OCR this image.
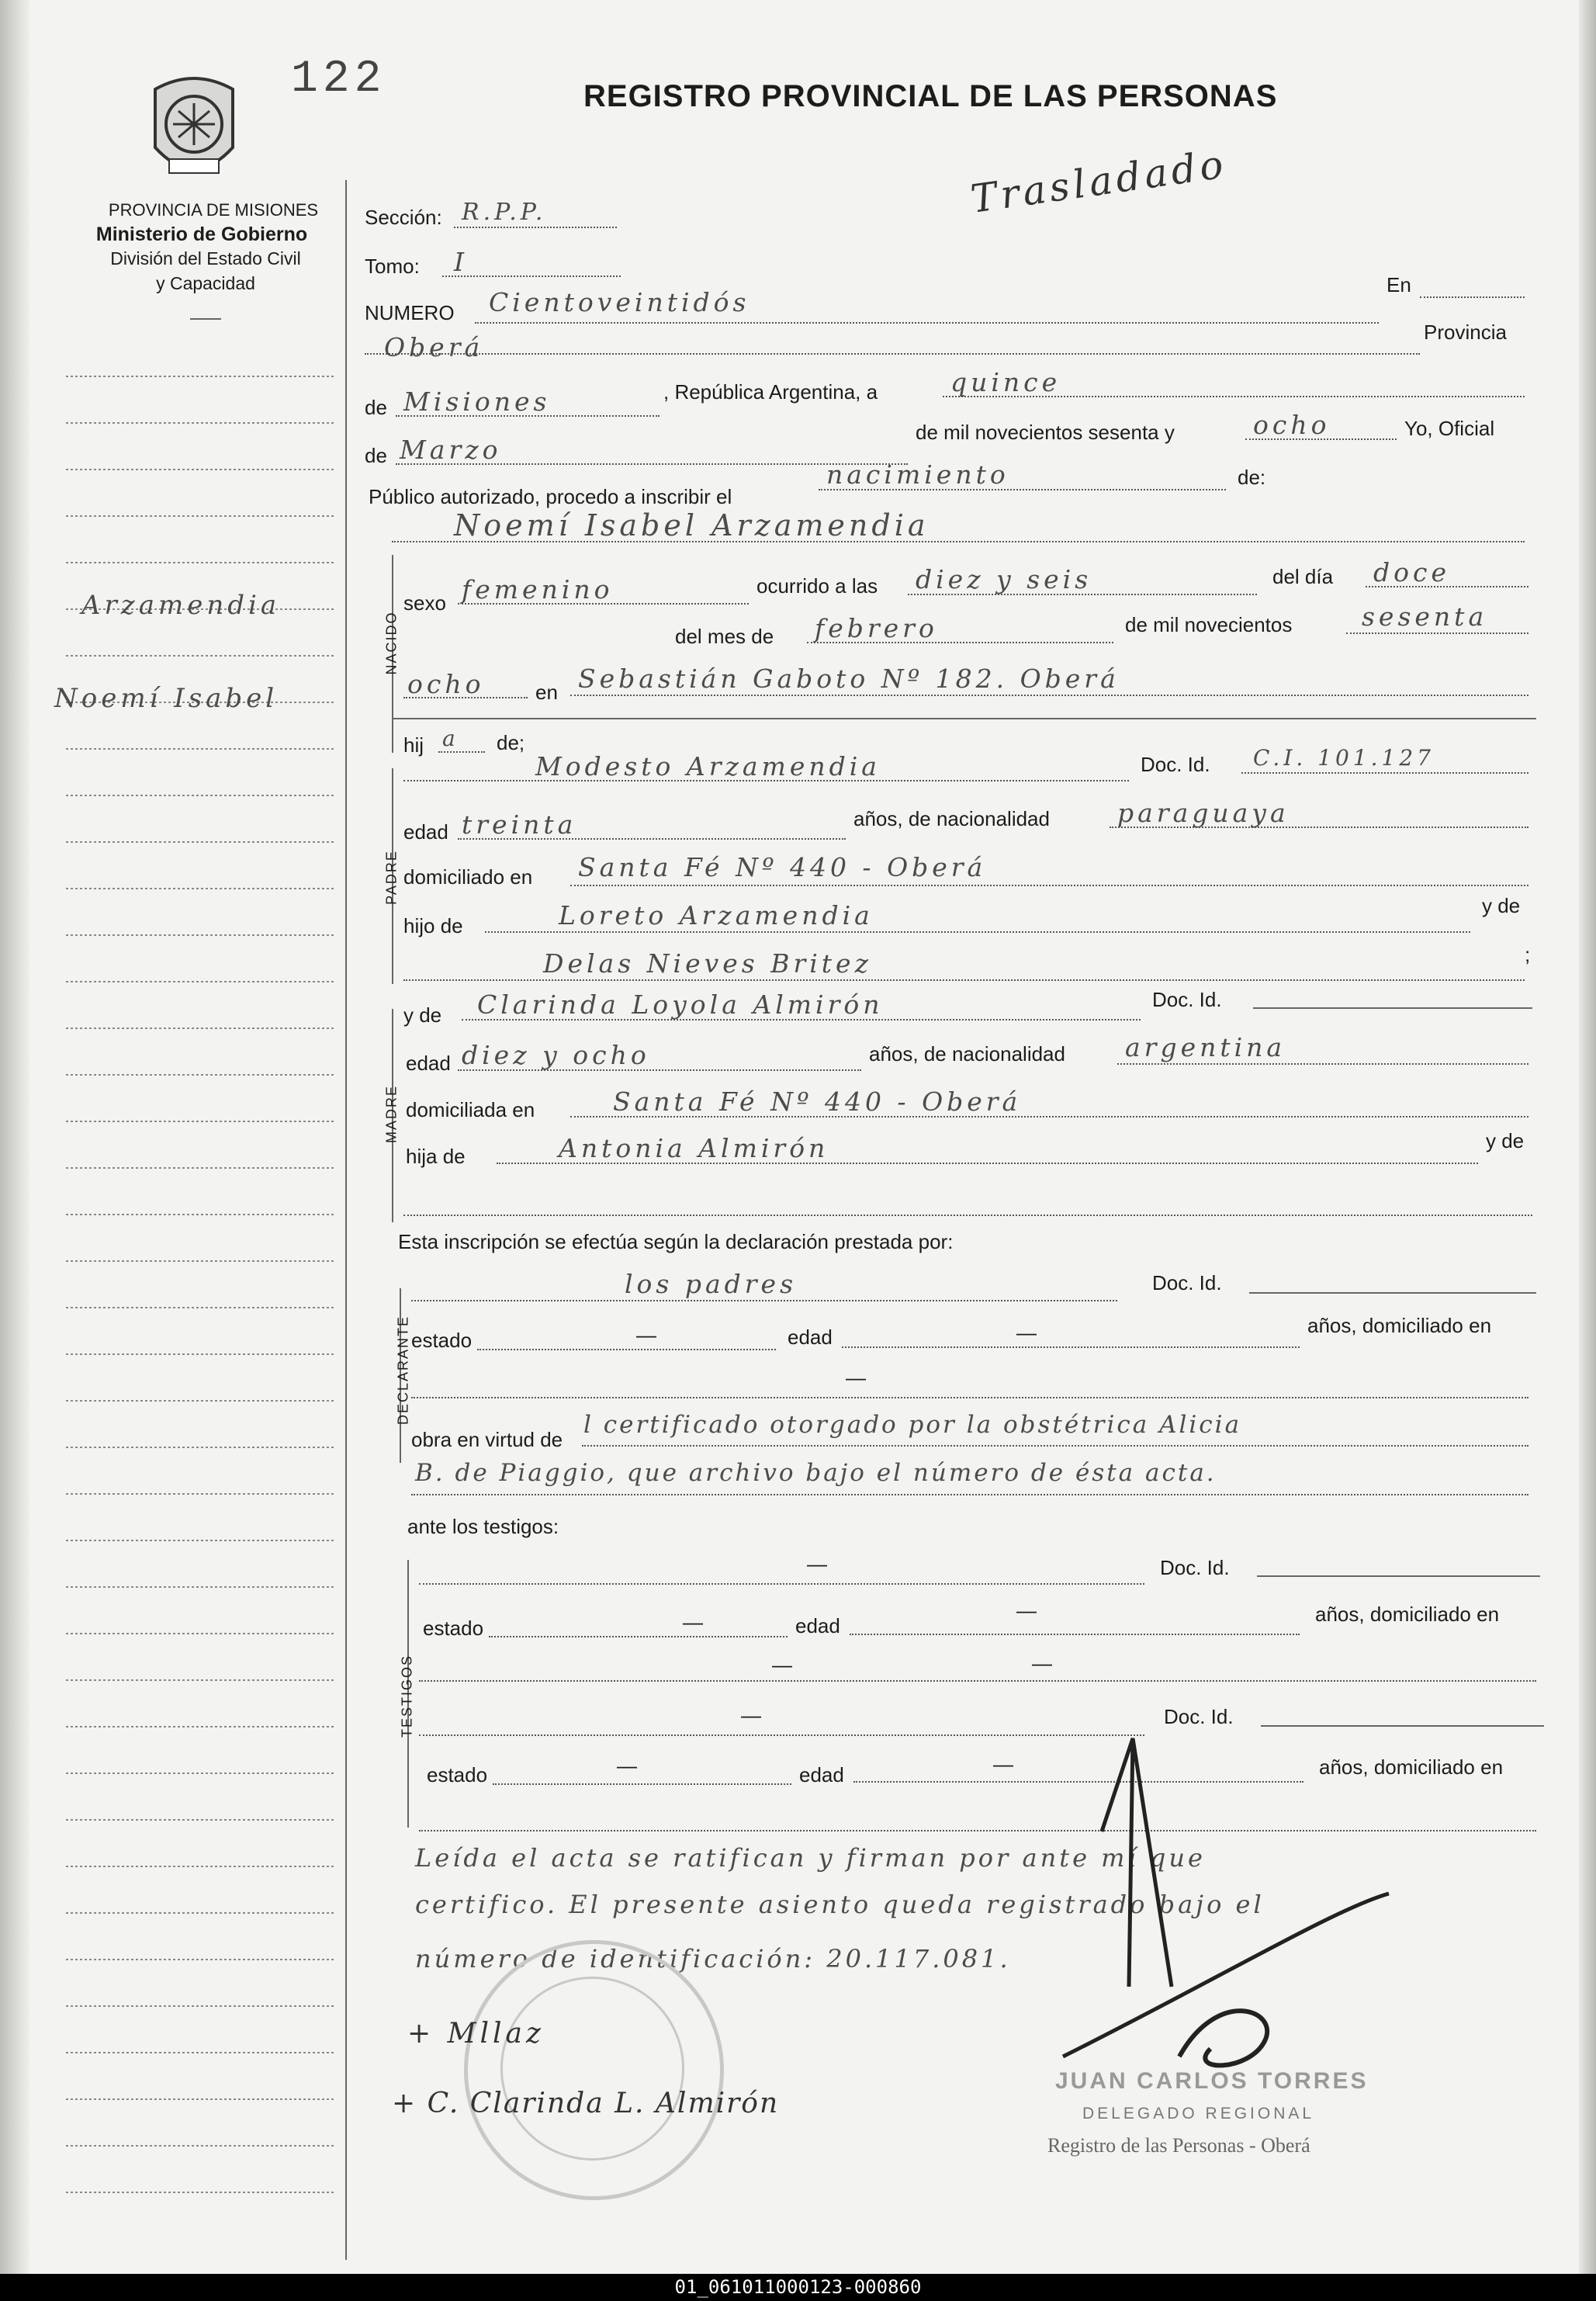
122	REGISTRO PROVINCIAL DE LAS PERSONAS
Trasladado
PROVINCIA DE MISIONES
Ministerio de Gobierno
División del Estado Civil
y Capacidad
Arzamendia
Noemí Isabel
Sección: R.P.P.
Tomo: I
NUMERO Cientoveintidós
En
Oberá	Provincia
de Misiones	, República Argentina, a	quince
de Marzo
de mil novecientos sesenta y	ocho	Yo, Oficial
Público autorizado, procedo a inscribir el
nacimiento	de:
Noemí Isabel Arzamendia
NACIDO
sexo femenino	ocurrido a las diez y seis	del día doce
del mes de febrero	de mil novecientos	sesenta
ocho	en Sebastián Gaboto Nº 182. Oberá
hij a de;
PADRE
Modesto Arzamendia	Doc. Id. C.I. 101.127
edad treinta	años, de nacionalidad	paraguaya
domiciliado en Santa Fé Nº 440 - Oberá
hijo de	Loreto Arzamendia	y de
Delas Nieves Britez	;
MADRE
y de Clarinda Loyola Almirón	Doc. Id.
edad diez y ocho	años, de nacionalidad argentina
domiciliada en	Santa Fé Nº 440 - Oberá
hija de	Antonia Almirón	y de
Esta inscripción se efectúa según la declaración prestada por:
DECLARANTE
los padres	Doc. Id.
estado	—	edad	—	años, domiciliado en
—
obra en virtud de
l certificado otorgado por la obstétrica Alicia
B. de Piaggio, que archivo bajo el número de ésta acta.
ante los testigos:
TESTIGOS
—	Doc. Id.
estado	—	edad
—	años, domiciliado en
—	—
—	Doc. Id.
estado	—	edad	—	años, domiciliado en
Leída el acta se ratifican y firman por ante mí que
certifico. El presente asiento queda registrado bajo el
número de identificación: 20.117.081.
+ Mllaz
+ C. Clarinda L. Almirón
JUAN CARLOS TORRES
DELEGADO REGIONAL
Registro de las Personas - Oberá
01_061011000123-000860
